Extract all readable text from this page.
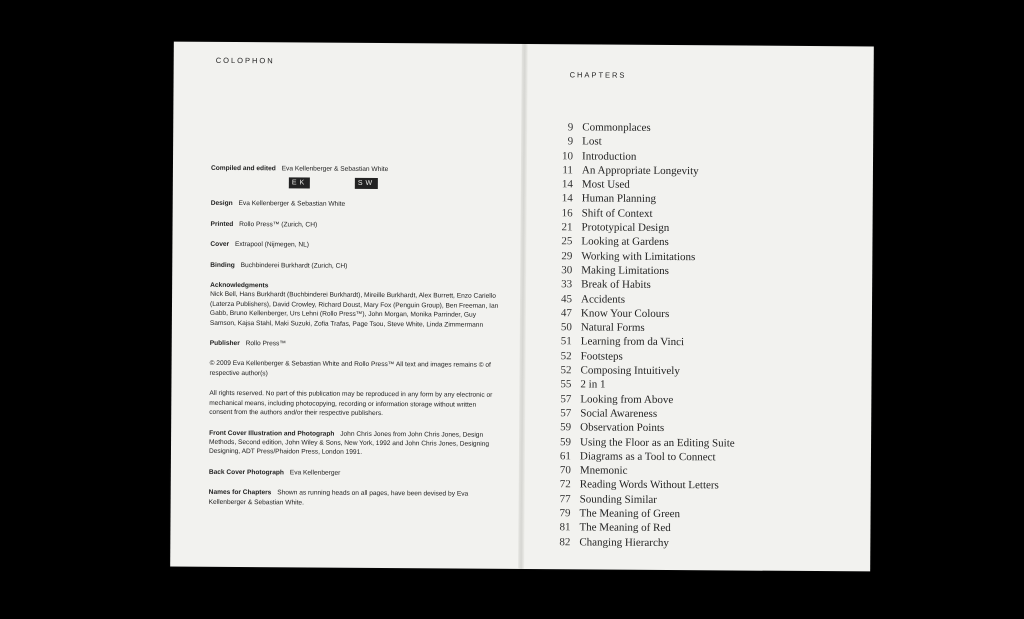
COLOPHON
Compiled and edited Eva Kellenberger & Sebastian White
EK	SW
Design Eva Kellenberger & Sebastian White
Printed Rollo Press™ (Zurich, CH)
Cover Extrapool (Nijmegen, NL)
Binding Buchbinderei Burkhardt (Zurich, CH)
Acknowledgments
Nick Bell, Hans Burkhardt (Buchbinderei Burkhardt), Mireille Burkhardt, Alex Burrett, Enzo Cariello (Laterza Publishers), David Crowley, Richard Doust, Mary Fox (Penguin Group), Ben Freeman, Ian Gabb, Bruno Kellenberger, Urs Lehni (Rollo Press™), John Morgan, Monika Parrinder, Guy Samson, Kajsa Stahl, Maki Suzuki, Zofia Trafas, Page Tsou, Steve White, Linda Zimmermann
Publisher Rollo Press™
© 2009 Eva Kellenberger & Sebastian White and Rollo Press™ All text and images remains © of respective author(s)
All rights reserved. No part of this publication may be reproduced in any form by any electronic or mechanical means, including photocopying, recording or information storage without written consent from the authors and/or their respective publishers.
Front Cover Illustration and Photograph John Chris Jones from John Chris Jones, Design Methods, Second edition, John Wiley & Sons, New York, 1992 and John Chris Jones, Designing Designing, ADT Press/Phaidon Press, London 1991.
Back Cover Photograph Eva Kellenberger
Names for Chapters Shown as running heads on all pages, have been devised by Eva Kellenberger & Sebastian White.
CHAPTERS
9 Commonplaces
9 Lost
10 Introduction
11 An Appropriate Longevity
14 Most Used
14 Human Planning
16 Shift of Context
21 Prototypical Design
25 Looking at Gardens
29 Working with Limitations
30 Making Limitations
33 Break of Habits
45 Accidents
47 Know Your Colours
50 Natural Forms
51 Learning from da Vinci
52 Footsteps
52 Composing Intuitively
55 2 in 1
57 Looking from Above
57 Social Awareness
59 Observation Points
59 Using the Floor as an Editing Suite
61 Diagrams as a Tool to Connect
70 Mnemonic
72 Reading Words Without Letters
77 Sounding Similar
79 The Meaning of Green
81 The Meaning of Red
82 Changing Hierarchy
